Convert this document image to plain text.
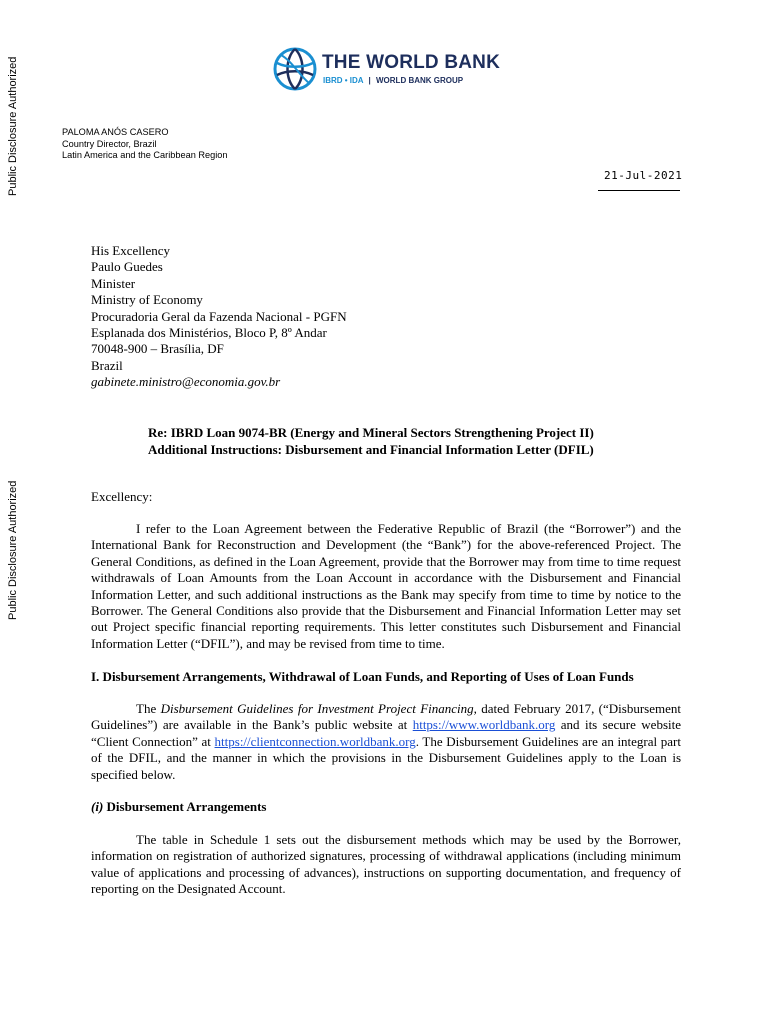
Public Disclosure Authorized
Public Disclosure Authorized
THE WORLD BANK
IBRD • IDA | WORLD BANK GROUP
PALOMA ANÓS CASERO
Country Director, Brazil
Latin America and the Caribbean Region
21-Jul-2021
His Excellency
Paulo Guedes
Minister
Ministry of Economy
Procuradoria Geral da Fazenda Nacional - PGFN
Esplanada dos Ministérios, Bloco P, 8º Andar
70048-900 – Brasília, DF
Brazil
gabinete.ministro@economia.gov.br
Re: IBRD Loan 9074-BR (Energy and Mineral Sectors Strengthening Project II)
Additional Instructions: Disbursement and Financial Information Letter (DFIL)
Excellency:
I refer to the Loan Agreement between the Federative Republic of Brazil (the “Borrower”) and the International Bank for Reconstruction and Development (the “Bank”) for the above-referenced Project. The General Conditions, as defined in the Loan Agreement, provide that the Borrower may from time to time request withdrawals of Loan Amounts from the Loan Account in accordance with the Disbursement and Financial Information Letter, and such additional instructions as the Bank may specify from time to time by notice to the Borrower. The General Conditions also provide that the Disbursement and Financial Information Letter may set out Project specific financial reporting requirements. This letter constitutes such Disbursement and Financial Information Letter (“DFIL”), and may be revised from time to time.
I. Disbursement Arrangements, Withdrawal of Loan Funds, and Reporting of Uses of Loan Funds
The Disbursement Guidelines for Investment Project Financing, dated February 2017, (“Disbursement Guidelines”) are available in the Bank’s public website at https://www.worldbank.org and its secure website “Client Connection” at https://clientconnection.worldbank.org. The Disbursement Guidelines are an integral part of the DFIL, and the manner in which the provisions in the Disbursement Guidelines apply to the Loan is specified below.
(i) Disbursement Arrangements
The table in Schedule 1 sets out the disbursement methods which may be used by the Borrower, information on registration of authorized signatures, processing of withdrawal applications (including minimum value of applications and processing of advances), instructions on supporting documentation, and frequency of reporting on the Designated Account.
